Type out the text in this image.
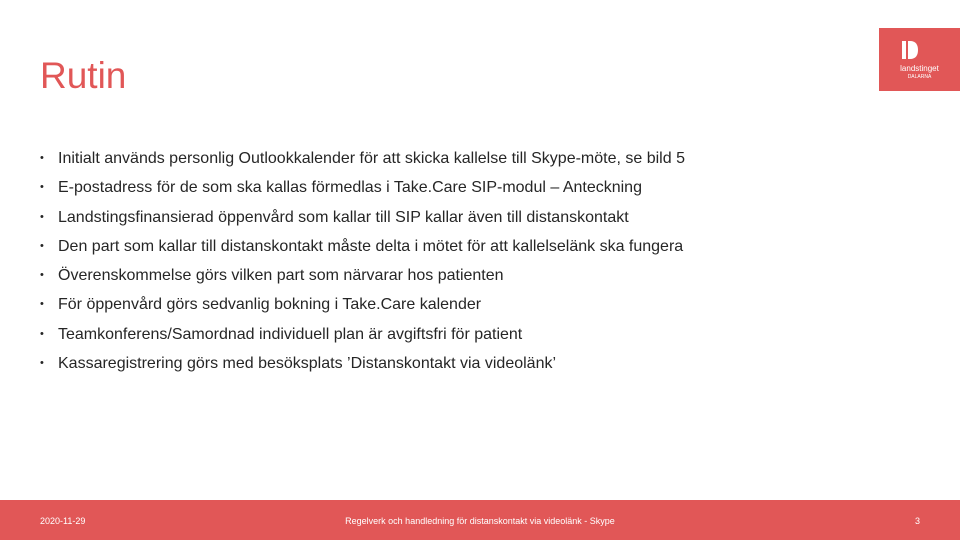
Rutin	landstinget
DALARNA
• Initialt används personlig Outlookkalender för att skicka kallelse till Skype-möte, se bild 5
• E-postadress för de som ska kallas förmedlas i Take.Care SIP-modul – Anteckning
• Landstingsfinansierad öppenvård som kallar till SIP kallar även till distanskontakt
• Den part som kallar till distanskontakt måste delta i mötet för att kallelselänk ska fungera
• Överenskommelse görs vilken part som närvarar hos patienten
• För öppenvård görs sedvanlig bokning i Take.Care kalender
• Teamkonferens/Samordnad individuell plan är avgiftsfri för patient
• Kassaregistrering görs med besöksplats ’Distanskontakt via videolänk’
2020-11-29	Regelverk och handledning för distanskontakt via videolänk - Skype	3
